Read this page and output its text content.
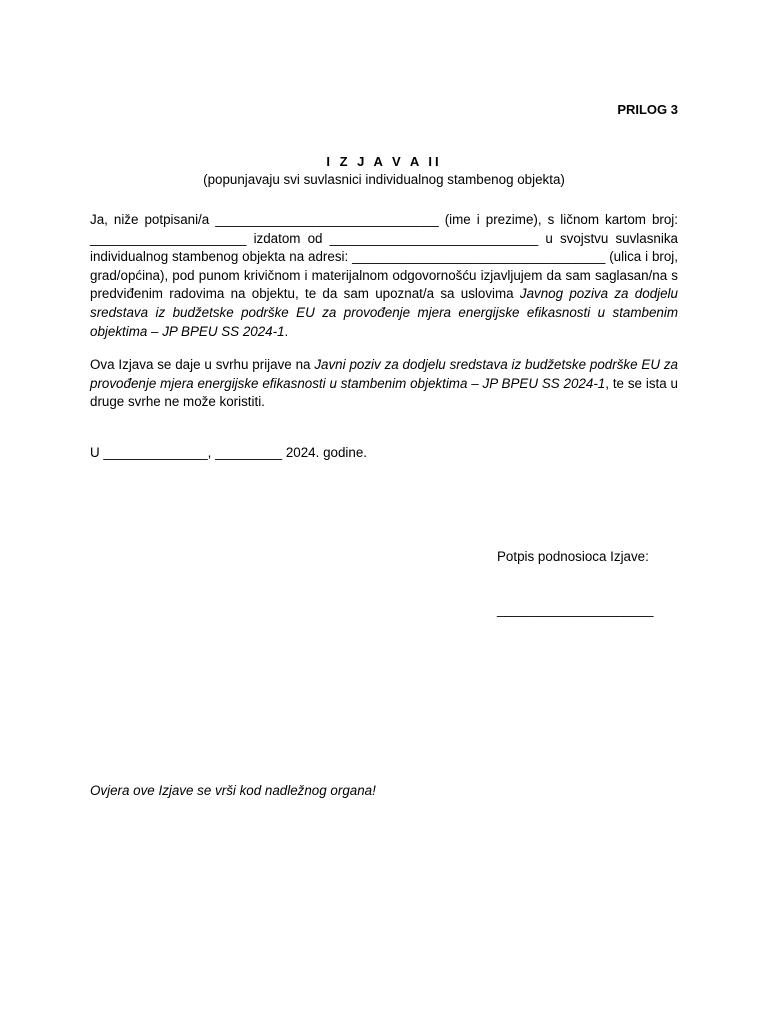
PRILOG 3
I Z J A V A II
(popunjavaju svi suvlasnici individualnog stambenog objekta)

Ja, niže potpisani/a ______________________________ (ime i prezime), s ličnom kartom broj: _____________________ izdatom od ____________________________ u svojstvu suvlasnika individualnog stambenog objekta na adresi: __________________________________ (ulica i broj, grad/općina), pod punom krivičnom i materijalnom odgovornošću izjavljujem da sam saglasan/na s predviđenim radovima na objektu, te da sam upoznat/a sa uslovima Javnog poziva za dodjelu sredstava iz budžetske podrške EU za provođenje mjera energijske efikasnosti u stambenim objektima – JP BPEU SS 2024-1.

Ova Izjava se daje u svrhu prijave na Javni poziv za dodjelu sredstava iz budžetske podrške EU za provođenje mjera energijske efikasnosti u stambenim objektima – JP BPEU SS 2024-1, te se ista u druge svrhe ne može koristiti.

U ______________, _________ 2024. godine.
Potpis podnosioca Izjave:
_____________________
Ovjera ove Izjave se vrši kod nadležnog organa!
